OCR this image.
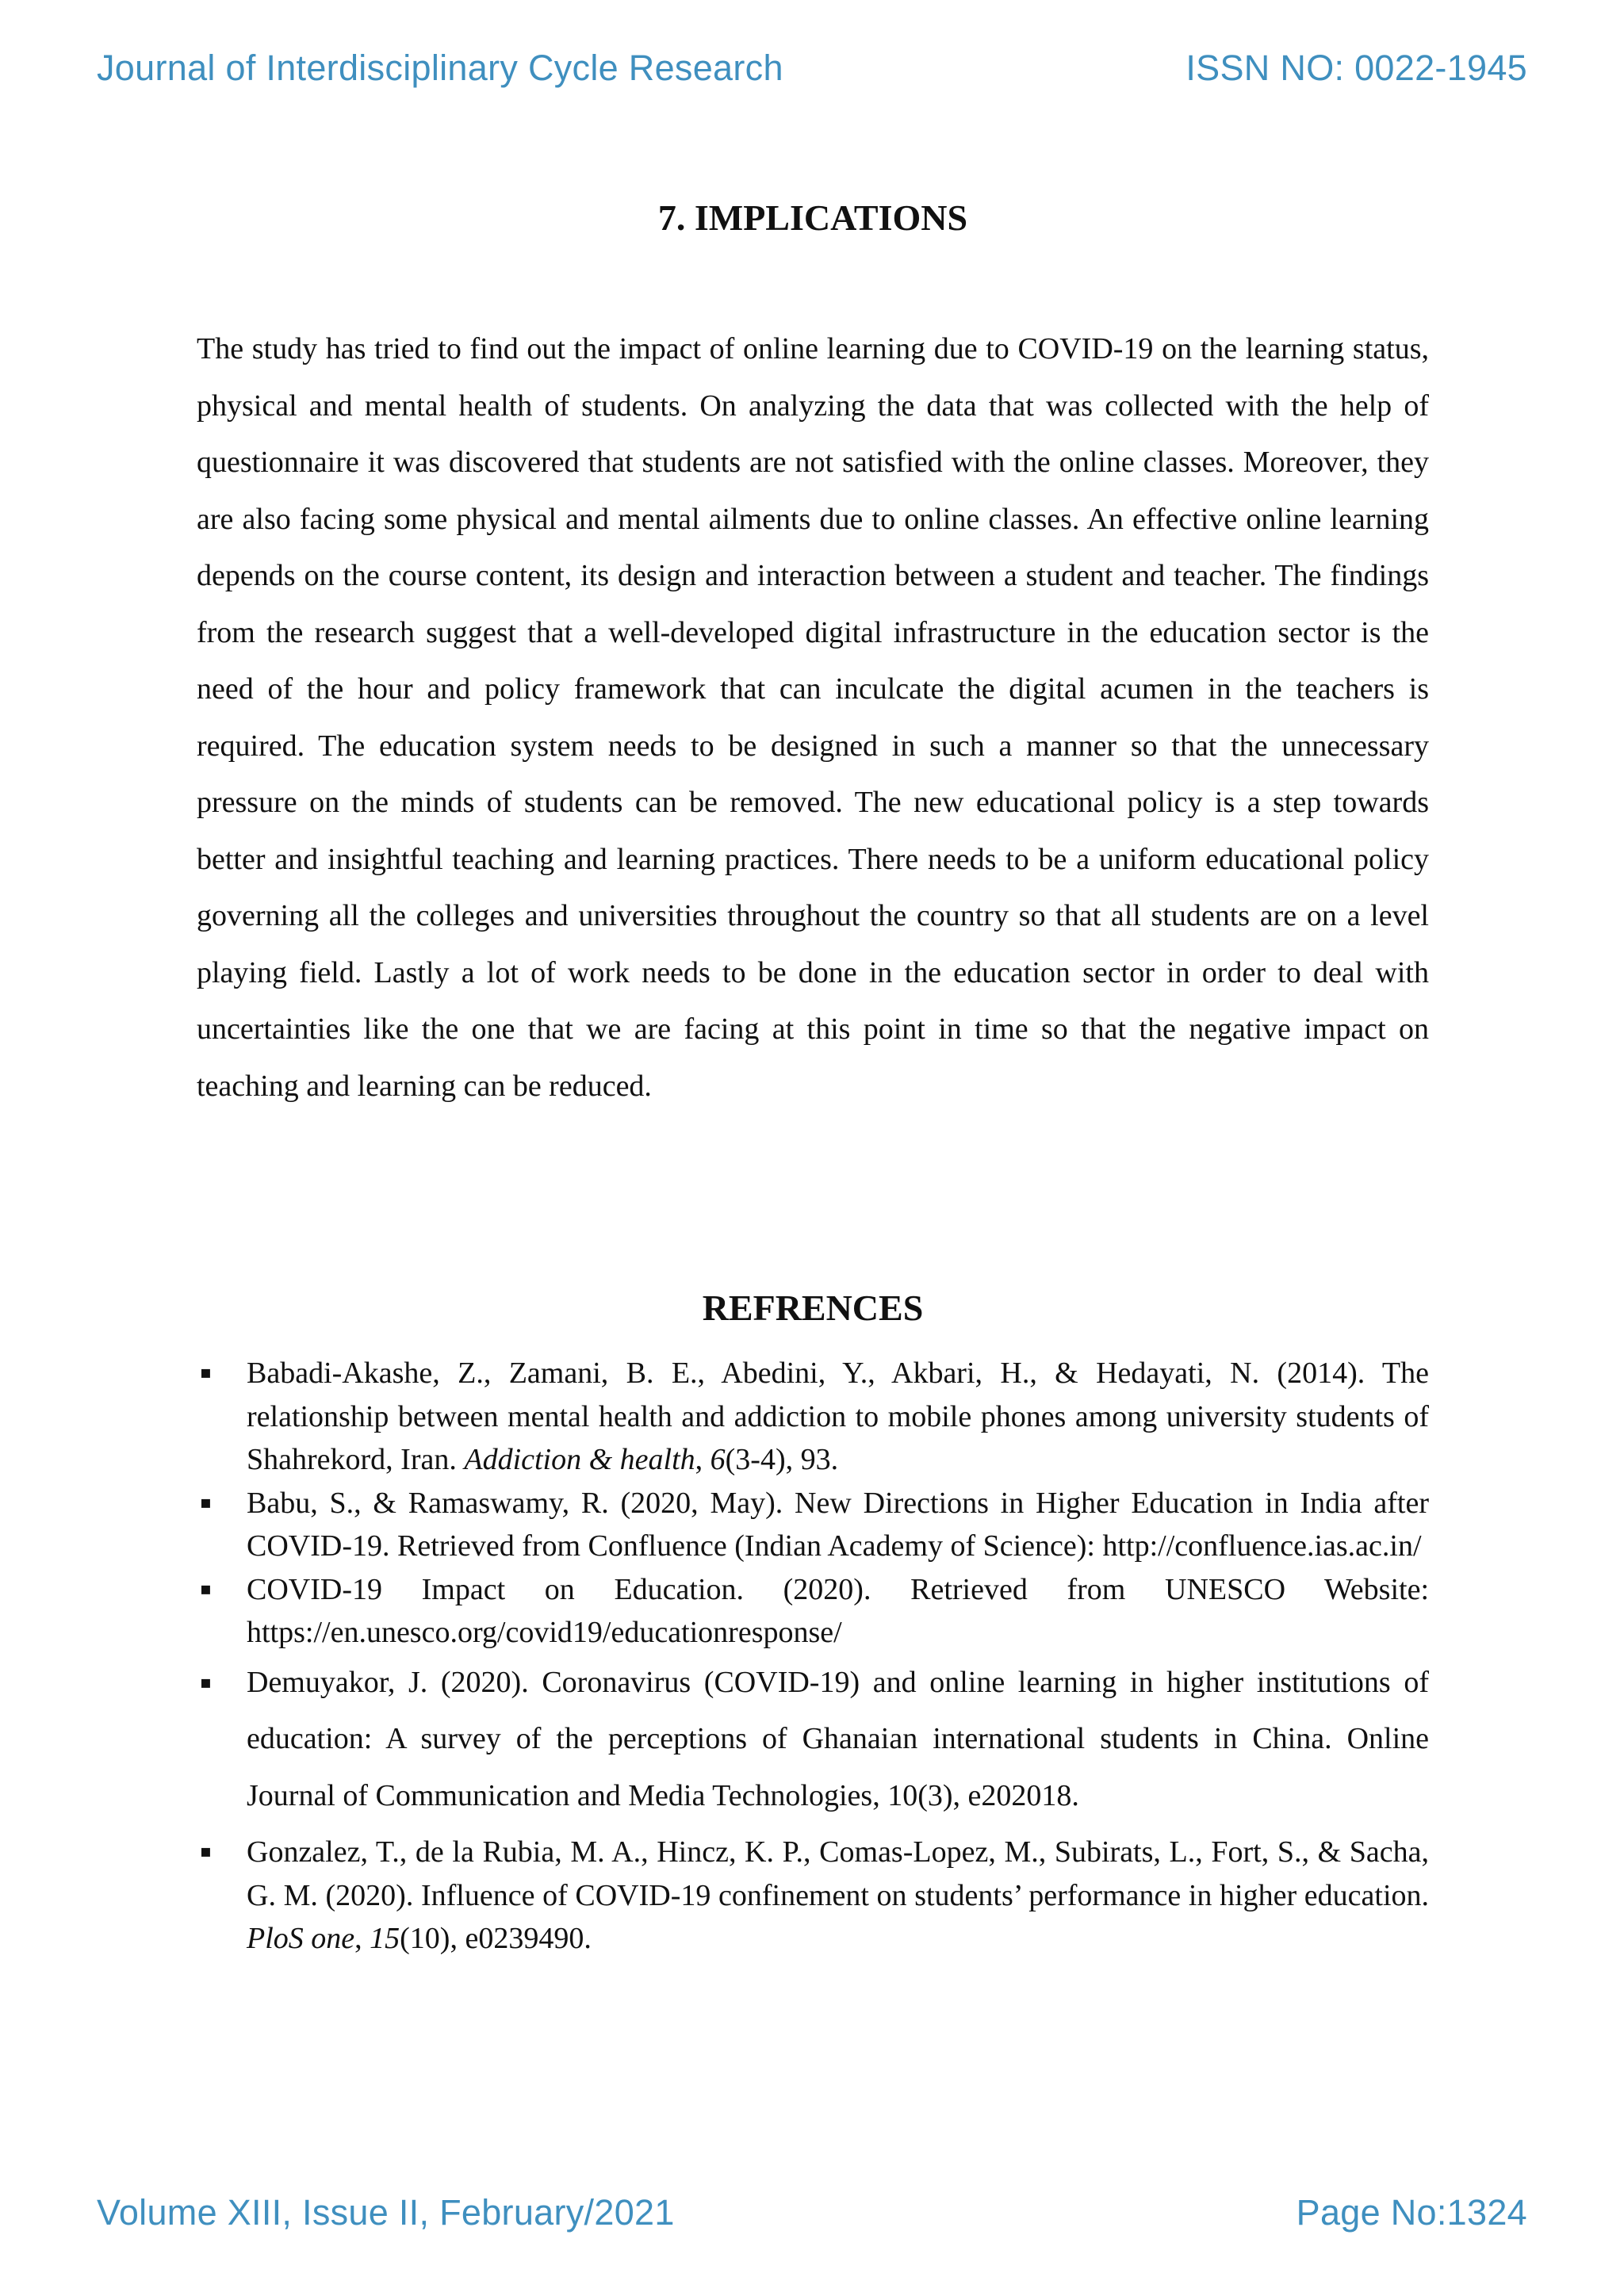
Journal of Interdisciplinary Cycle Research	ISSN NO: 0022-1945
7. IMPLICATIONS

The study has tried to find out the impact of online learning due to COVID-19 on the learning status, physical and mental health of students. On analyzing the data that was collected with the help of questionnaire it was discovered that students are not satisfied with the online classes. Moreover, they are also facing some physical and mental ailments due to online classes. An effective online learning depends on the course content, its design and interaction between a student and teacher. The findings from the research suggest that a well-developed digital infrastructure in the education sector is the need of the hour and policy framework that can inculcate the digital acumen in the teachers is required. The education system needs to be designed in such a manner so that the unnecessary pressure on the minds of students can be removed. The new educational policy is a step towards better and insightful teaching and learning practices. There needs to be a uniform educational policy governing all the colleges and universities throughout the country so that all students are on a level playing field. Lastly a lot of work needs to be done in the education sector in order to deal with uncertainties like the one that we are facing at this point in time so that the negative impact on teaching and learning can be reduced.

REFRENCES
▪ Babadi-Akashe, Z., Zamani, B. E., Abedini, Y., Akbari, H., & Hedayati, N. (2014). The relationship between mental health and addiction to mobile phones among university students of Shahrekord, Iran. Addiction & health, 6(3-4), 93.
▪ Babu, S., & Ramaswamy, R. (2020, May). New Directions in Higher Education in India after COVID-19. Retrieved from Confluence (Indian Academy of Science): http://confluence.ias.ac.in/
▪ COVID-19 Impact on Education. (2020). Retrieved from UNESCO Website: https://en.unesco.org/covid19/educationresponse/
▪ Demuyakor, J. (2020). Coronavirus (COVID-19) and online learning in higher institutions of education: A survey of the perceptions of Ghanaian international students in China. Online Journal of Communication and Media Technologies, 10(3), e202018.
▪ Gonzalez, T., de la Rubia, M. A., Hincz, K. P., Comas-Lopez, M., Subirats, L., Fort, S., & Sacha, G. M. (2020). Influence of COVID-19 confinement on students’ performance in higher education. PloS one, 15(10), e0239490.
Volume XIII, Issue II, February/2021	Page No:1324
